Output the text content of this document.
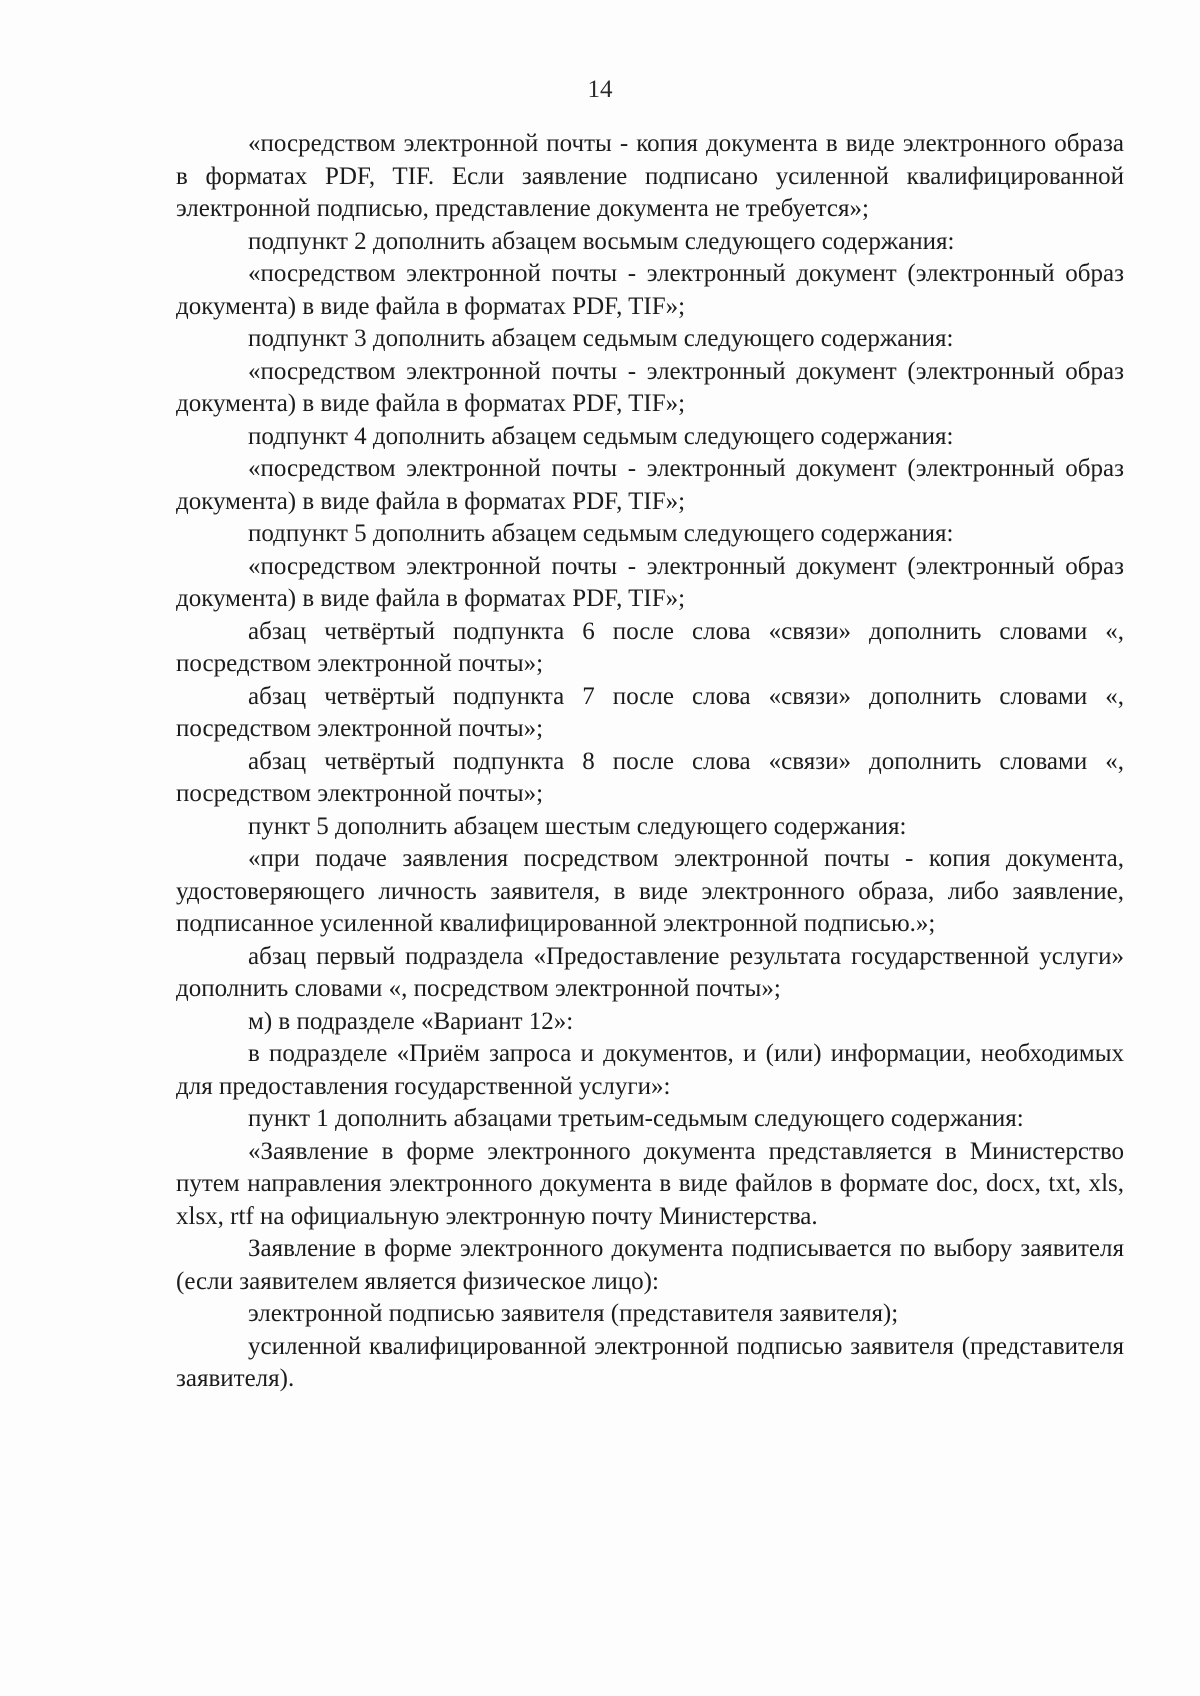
14

«посредством электронной почты - копия документа в виде электронного образа в форматах PDF, TIF. Если заявление подписано усиленной квалифицированной электронной подписью, представление документа не требуется»;

подпункт 2 дополнить абзацем восьмым следующего содержания:

«посредством электронной почты - электронный документ (электронный образ документа) в виде файла в форматах PDF, TIF»;

подпункт 3 дополнить абзацем седьмым следующего содержания:

«посредством электронной почты - электронный документ (электронный образ документа) в виде файла в форматах PDF, TIF»;

подпункт 4 дополнить абзацем седьмым следующего содержания:

«посредством электронной почты - электронный документ (электронный образ документа) в виде файла в форматах PDF, TIF»;

подпункт 5 дополнить абзацем седьмым следующего содержания:

«посредством электронной почты - электронный документ (электронный образ документа) в виде файла в форматах PDF, TIF»;

абзац четвёртый подпункта 6 после слова «связи» дополнить словами «, посредством электронной почты»;

абзац четвёртый подпункта 7 после слова «связи» дополнить словами «, посредством электронной почты»;

абзац четвёртый подпункта 8 после слова «связи» дополнить словами «, посредством электронной почты»;

пункт 5 дополнить абзацем шестым следующего содержания:

«при подаче заявления посредством электронной почты - копия документа, удостоверяющего личность заявителя, в виде электронного образа, либо заявление, подписанное усиленной квалифицированной электронной подписью.»;

абзац первый подраздела «Предоставление результата государственной услуги» дополнить словами «, посредством электронной почты»;

м) в подразделе «Вариант 12»:

в подразделе «Приём запроса и документов, и (или) информации, необходимых для предоставления государственной услуги»:

пункт 1 дополнить абзацами третьим-седьмым следующего содержания:

«Заявление в форме электронного документа представляется в Министерство путем направления электронного документа в виде файлов в формате doc, docx, txt, xls, xlsx, rtf на официальную электронную почту Министерства.

Заявление в форме электронного документа подписывается по выбору заявителя (если заявителем является физическое лицо):

электронной подписью заявителя (представителя заявителя);

усиленной квалифицированной электронной подписью заявителя (представителя заявителя).
